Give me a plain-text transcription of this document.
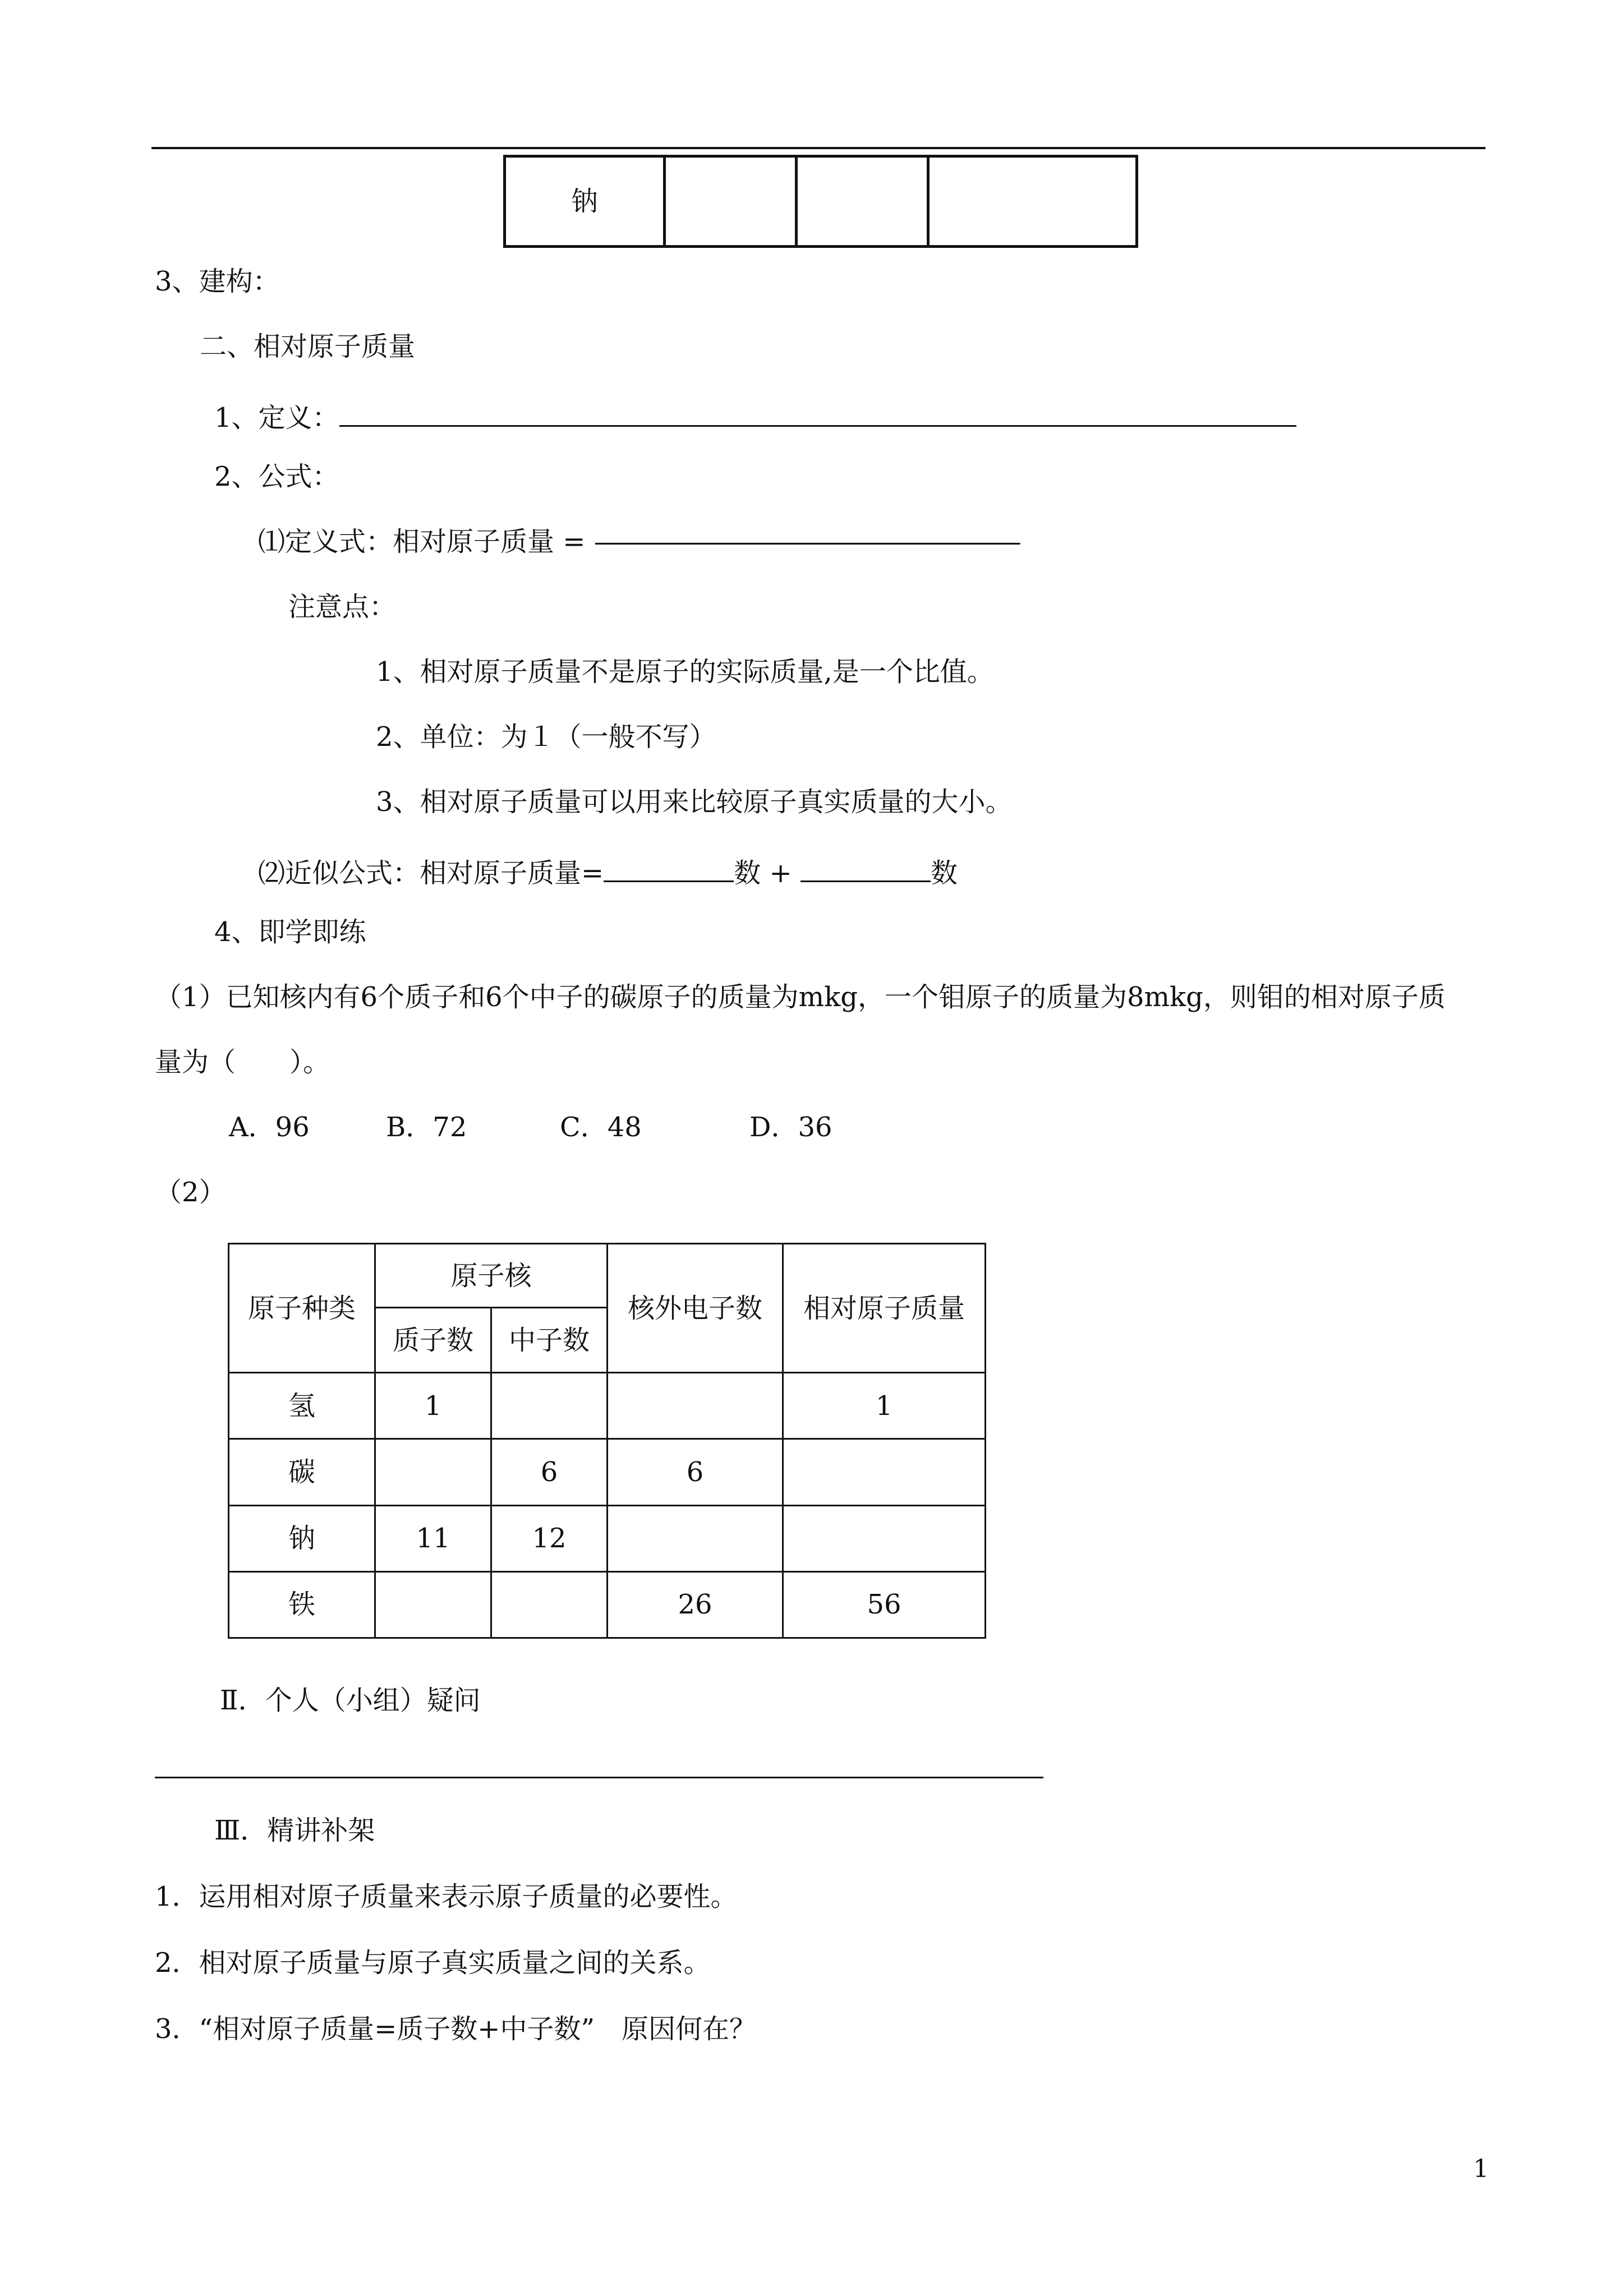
钠			
3、建构：
二、相对原子质量
1、定义：
2、公式：
⑴定义式：相对原子质量 = ——————————————————
注意点：
1、相对原子质量不是原子的实际质量,是一个比值。
2、单位：为１（一般不写）
3、相对原子质量可以用来比较原子真实质量的大小。
⑵近似公式：相对原子质量=	数 +	数
4、即学即练
（1）已知核内有6个质子和6个中子的碳原子的质量为mkg，一个钼原子的质量为8mkg，则钼的相对原子质
量为（　　）。
A．96	B．72	C．48	D．36
（2）
原子种类	原子核		核外电子数	相对原子质量
	质子数	中子数		
氢	1			1
碳		6	6	
钠	11	12		
铁			26	56
Ⅱ．个人（小组）疑问
Ⅲ．精讲补架
1．运用相对原子质量来表示原子质量的必要性。
2．相对原子质量与原子真实质量之间的关系。
3．“相对原子质量=质子数+中子数”　原因何在？
1
